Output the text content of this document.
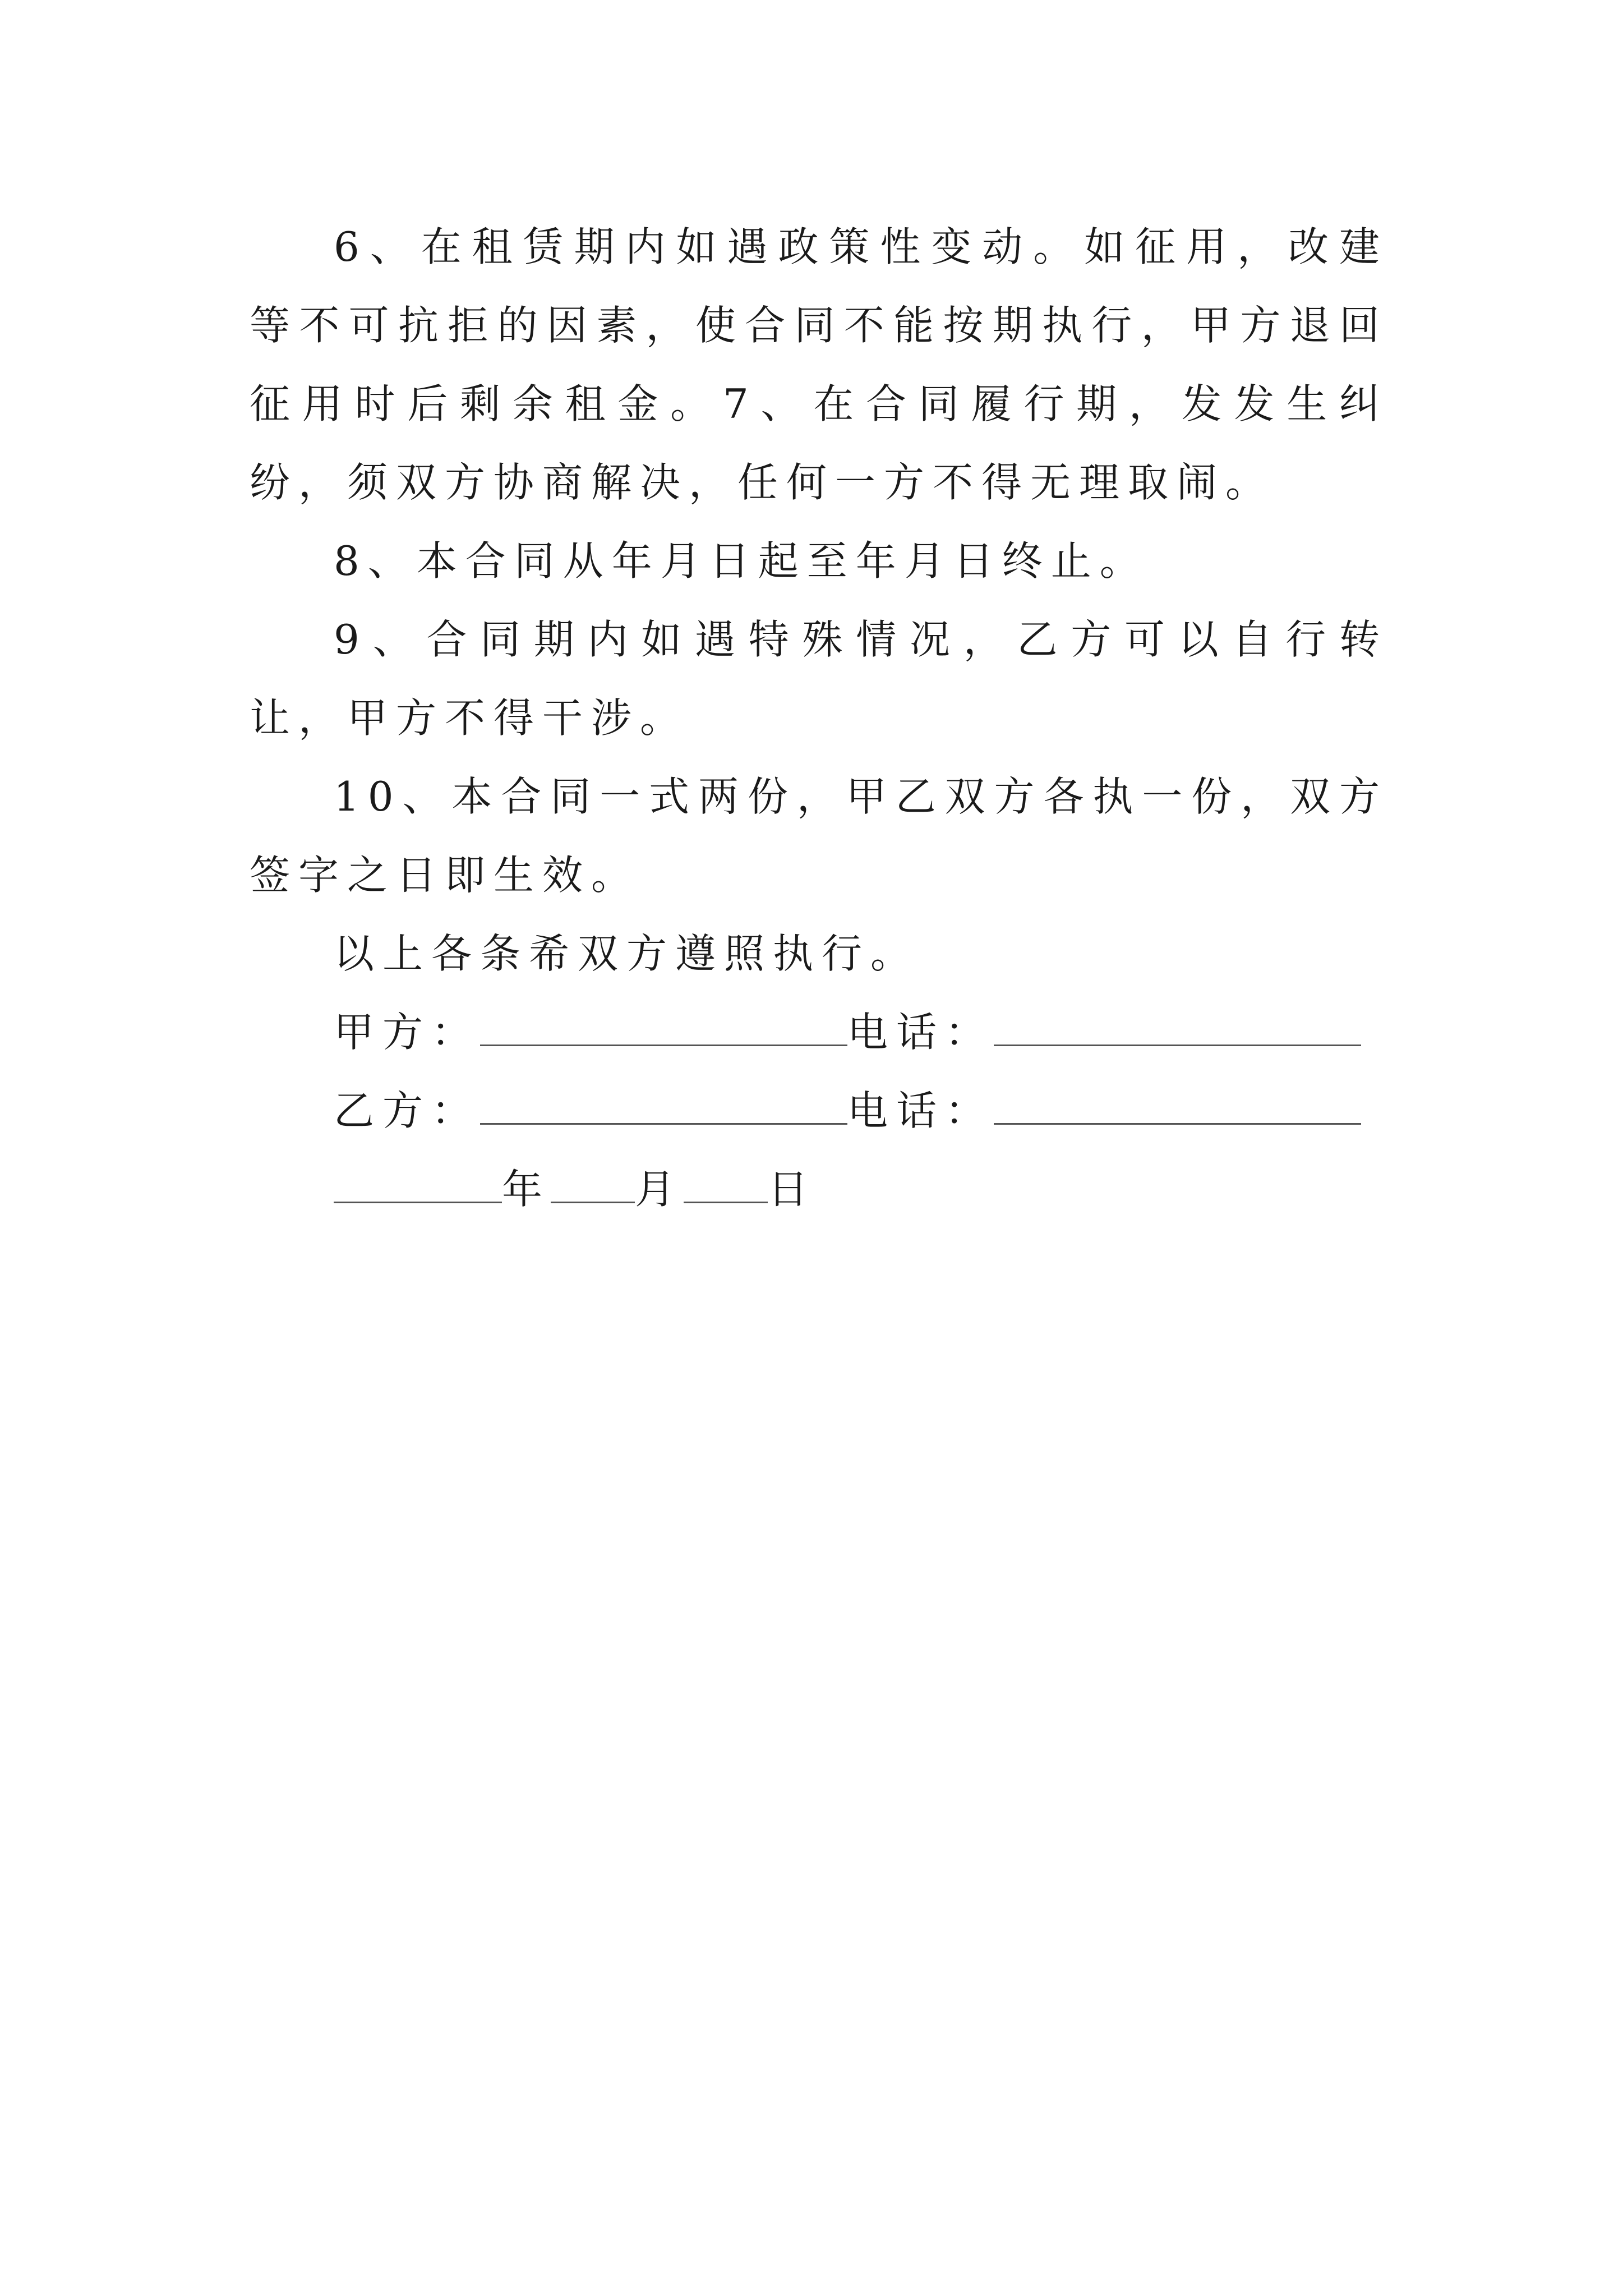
6、在租赁期内如遇政策性变动。如征用，改建等不可抗拒的因素，使合同不能按期执行，甲方退回征用时后剩余租金。7、在合同履行期，发发生纠纷，须双方协商解决，任何一方不得无理取闹。

8、本合同从年月日起至年月日终止。

9、合同期内如遇特殊情况，乙方可以自行转让，甲方不得干涉。

10、本合同一式两份，甲乙双方各执一份，双方签字之日即生效。

以上各条希双方遵照执行。

甲方：	电话：
乙方：	电话：
年 月 日
